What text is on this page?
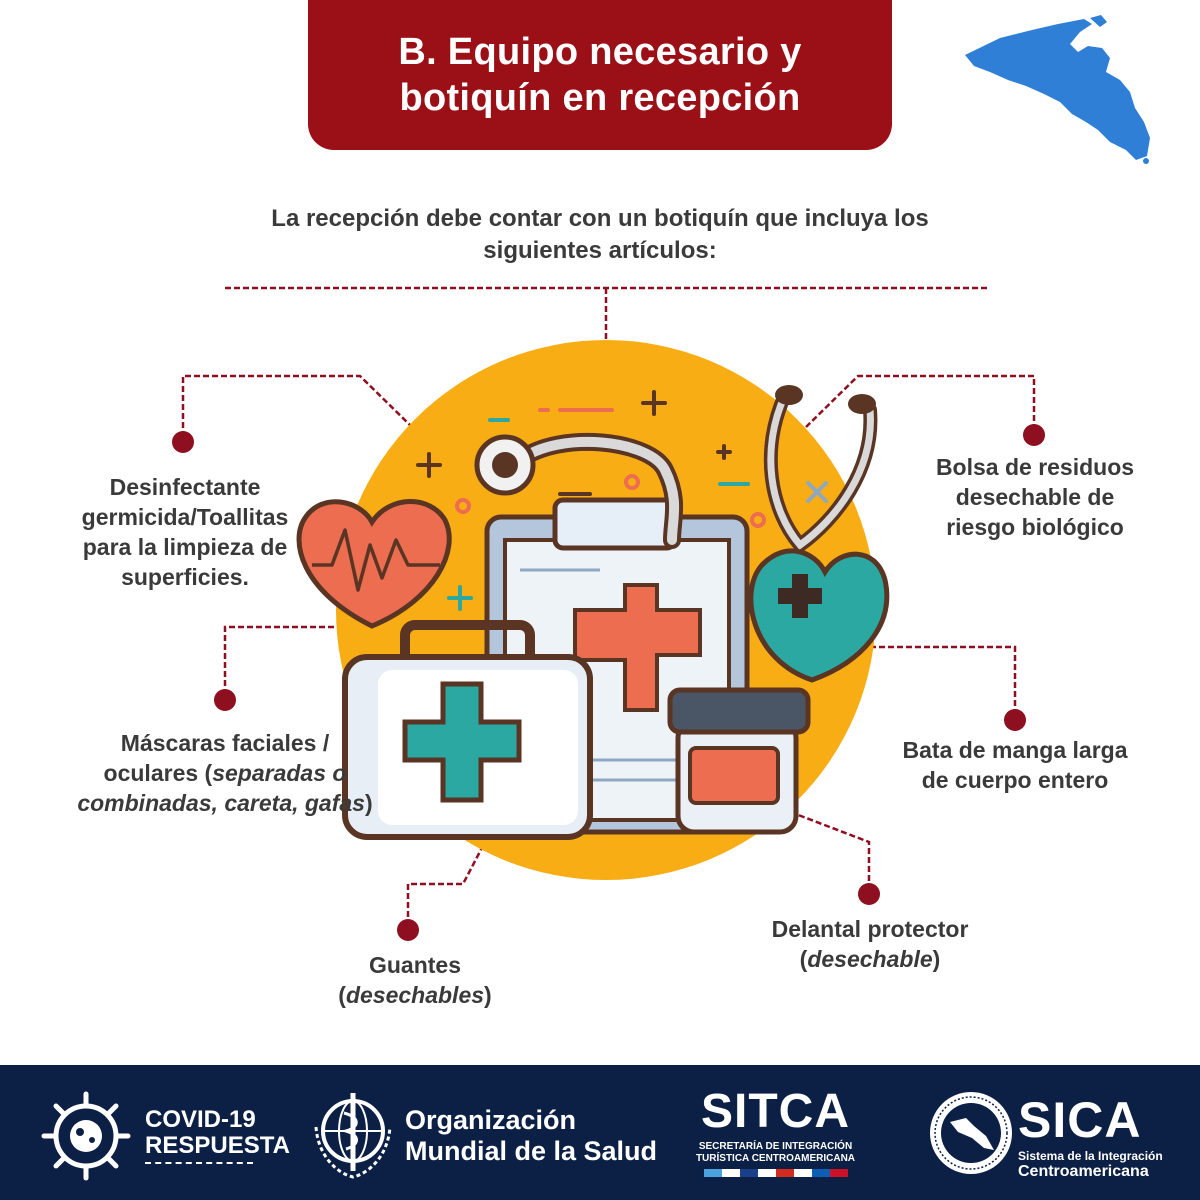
B. Equipo necesario y
botiquín en recepción
La recepción debe contar con un botiquín que incluya los
siguientes artículos:
Desinfectante
germicida/Toallitas
para la limpieza de
superficies.
Máscaras faciales /
oculares (separadas o
combinadas, careta, gafas)
Guantes
(desechables)
Bolsa de residuos
desechable de
riesgo biológico
Bata de manga larga
de cuerpo entero
Delantal protector
(desechable)
COVID-19
RESPUESTA
Organización
Mundial de la Salud
SITCA
SECRETARÍA DE INTEGRACIÓN
TURÍSTICA CENTROAMERICANA
SICA
Sistema de la Integración
Centroamericana
